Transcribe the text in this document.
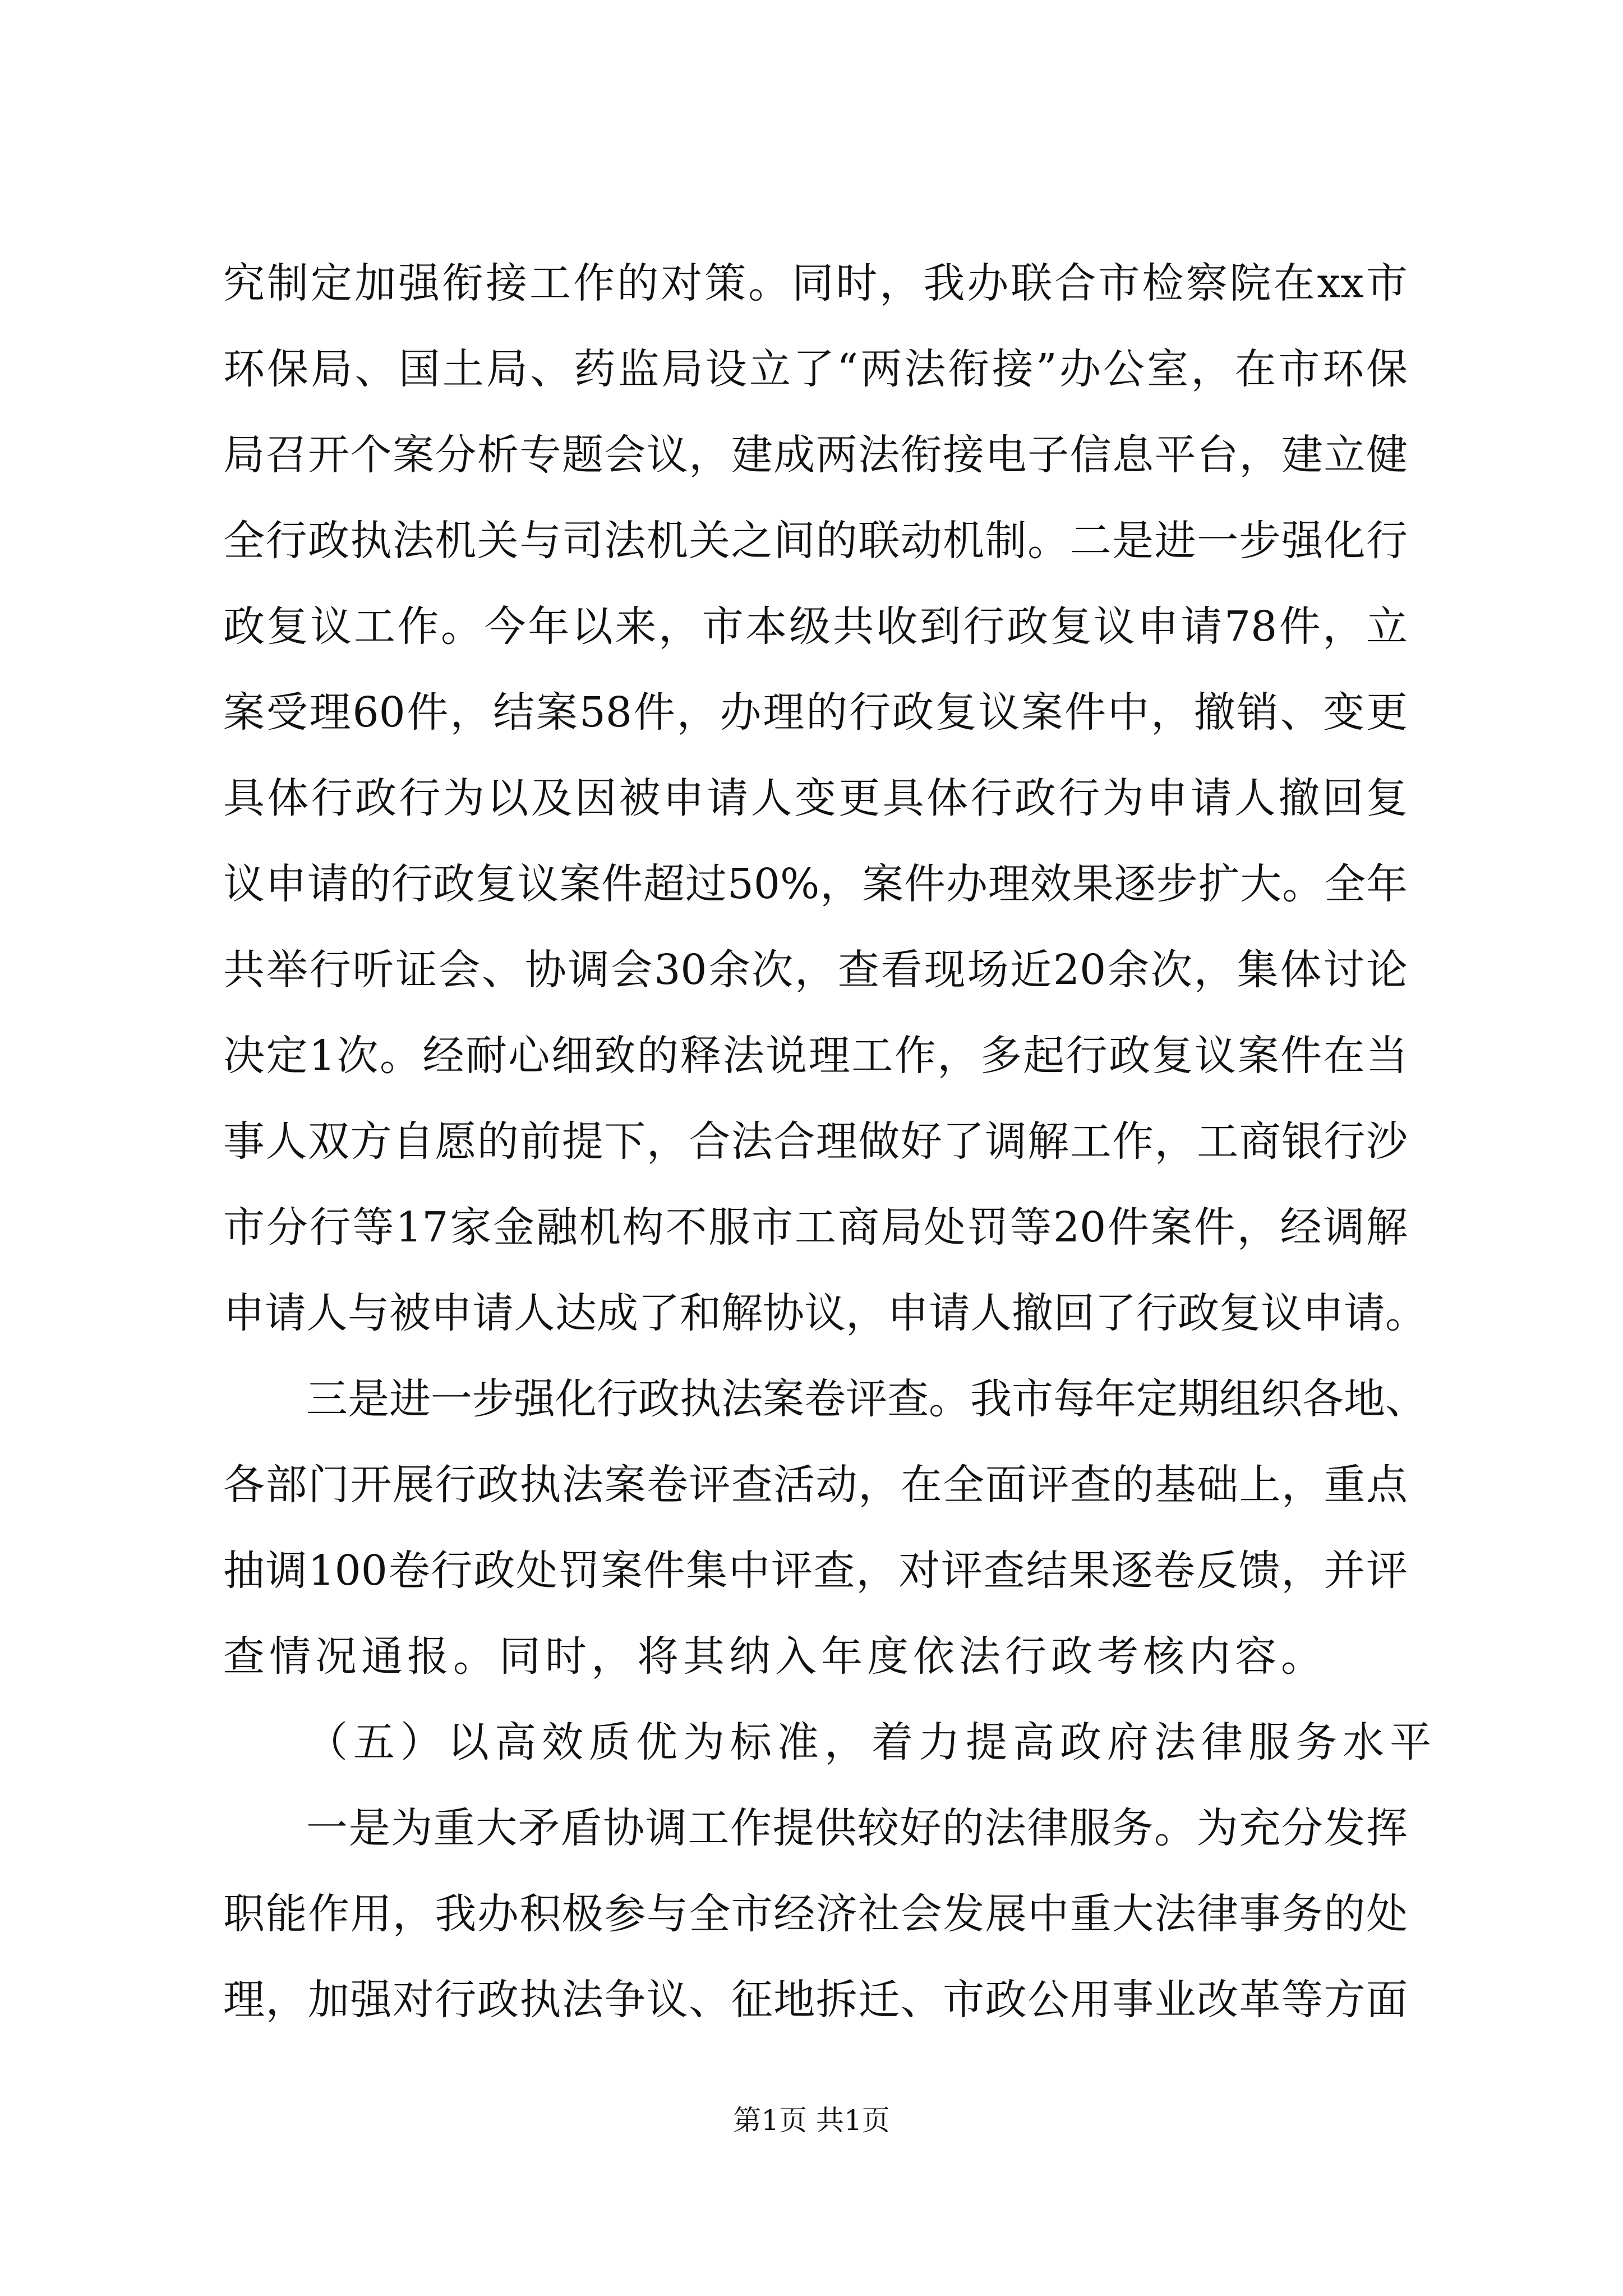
究制定加强衔接工作的对策。同时，我办联合市检察院在xx市
环保局、国土局、药监局设立了“两法衔接”办公室，在市环保
局召开个案分析专题会议，建成两法衔接电子信息平台，建立健
全行政执法机关与司法机关之间的联动机制。二是进一步强化行
政复议工作。今年以来，市本级共收到行政复议申请78件，立
案受理60件，结案58件，办理的行政复议案件中，撤销、变更
具体行政行为以及因被申请人变更具体行政行为申请人撤回复
议申请的行政复议案件超过50%，案件办理效果逐步扩大。全年
共举行听证会、协调会30余次，查看现场近20余次，集体讨论
决定1次。经耐心细致的释法说理工作，多起行政复议案件在当
事人双方自愿的前提下，合法合理做好了调解工作，工商银行沙
市分行等17家金融机构不服市工商局处罚等20件案件，经调解
申请人与被申请人达成了和解协议，申请人撤回了行政复议申请。
三是进一步强化行政执法案卷评查。我市每年定期组织各地、
各部门开展行政执法案卷评查活动，在全面评查的基础上，重点
抽调100卷行政处罚案件集中评查，对评查结果逐卷反馈，并评
查情况通报。同时，将其纳入年度依法行政考核内容。
（五）以高效质优为标准，着力提高政府法律服务水平
一是为重大矛盾协调工作提供较好的法律服务。为充分发挥
职能作用，我办积极参与全市经济社会发展中重大法律事务的处
理，加强对行政执法争议、征地拆迁、市政公用事业改革等方面
第1页 共1页
